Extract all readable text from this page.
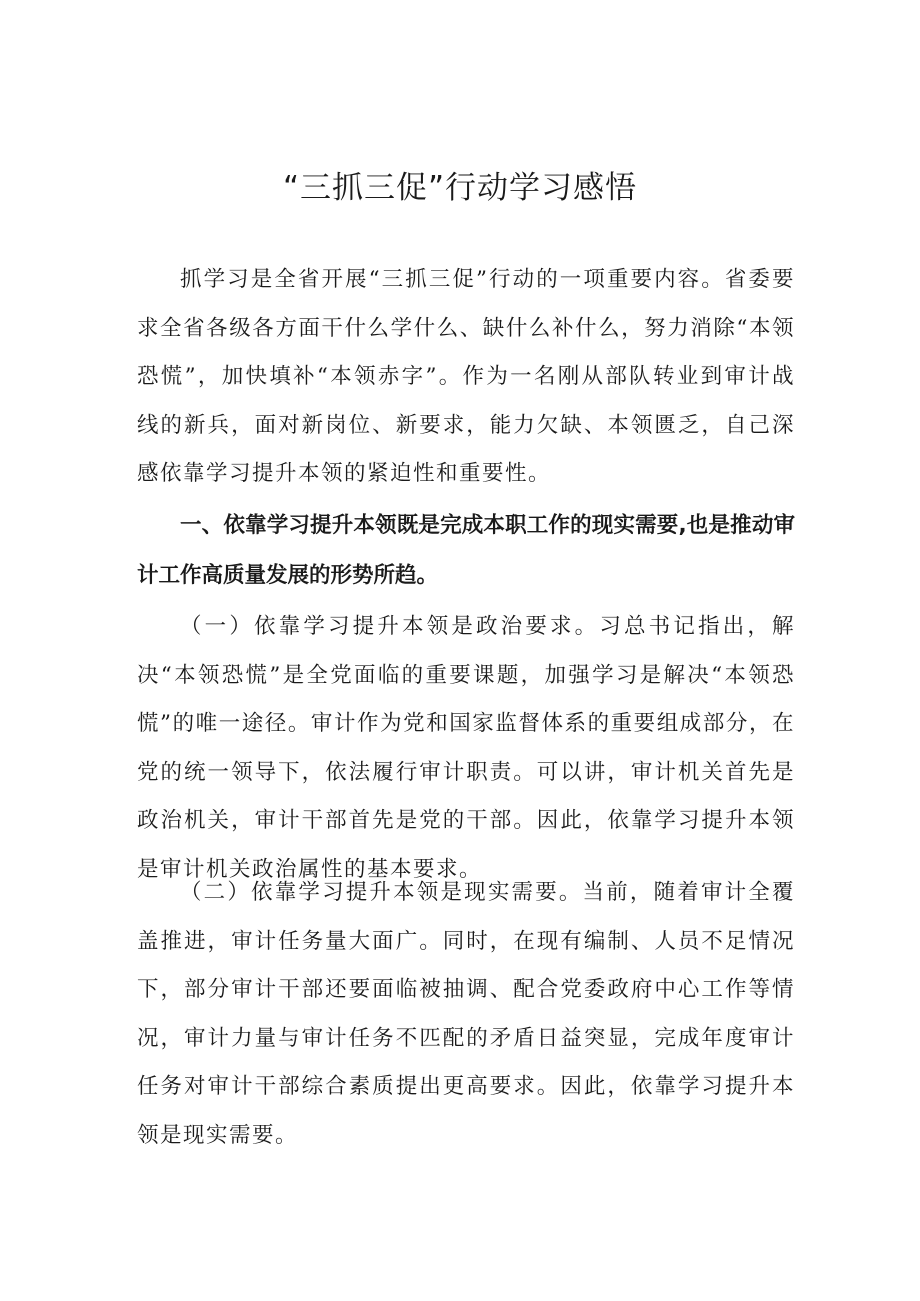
“三抓三促”行动学习感悟

抓学习是全省开展“三抓三促”行动的一项重要内容。省委要求全省各级各方面干什么学什么、缺什么补什么，努力消除“本领恐慌”，加快填补“本领赤字”。作为一名刚从部队转业到审计战线的新兵，面对新岗位、新要求，能力欠缺、本领匮乏，自己深感依靠学习提升本领的紧迫性和重要性。

一、依靠学习提升本领既是完成本职工作的现实需要,也是推动审计工作高质量发展的形势所趋。

（一）依靠学习提升本领是政治要求。习总书记指出，解决“本领恐慌”是全党面临的重要课题，加强学习是解决“本领恐慌”的唯一途径。审计作为党和国家监督体系的重要组成部分，在党的统一领导下，依法履行审计职责。可以讲，审计机关首先是政治机关，审计干部首先是党的干部。因此，依靠学习提升本领是审计机关政治属性的基本要求。

（二）依靠学习提升本领是现实需要。当前，随着审计全覆盖推进，审计任务量大面广。同时，在现有编制、人员不足情况下，部分审计干部还要面临被抽调、配合党委政府中心工作等情况，审计力量与审计任务不匹配的矛盾日益突显，完成年度审计任务对审计干部综合素质提出更高要求。因此，依靠学习提升本领是现实需要。
